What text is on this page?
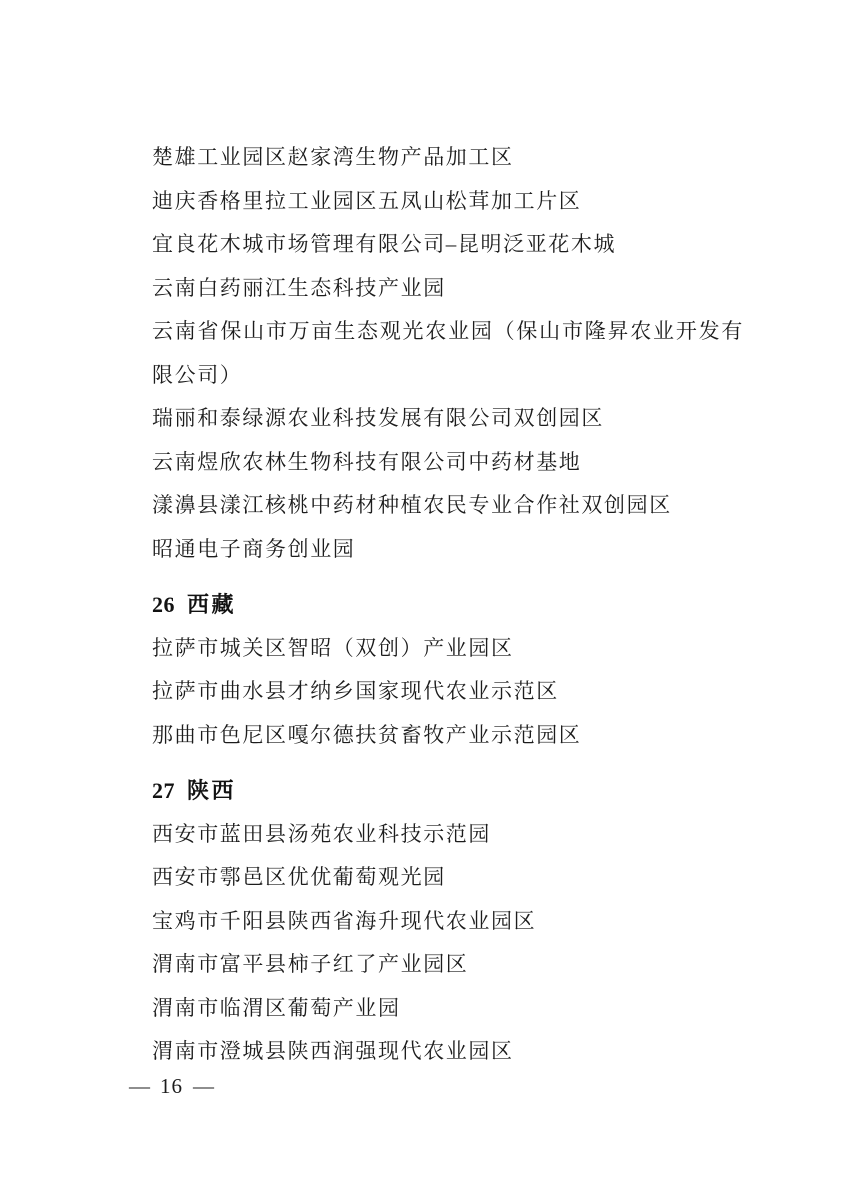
楚雄工业园区赵家湾生物产品加工区

迪庆香格里拉工业园区五凤山松茸加工片区

宜良花木城市场管理有限公司–昆明泛亚花木城

云南白药丽江生态科技产业园

云南省保山市万亩生态观光农业园（保山市隆昇农业开发有限公司）

瑞丽和泰绿源农业科技发展有限公司双创园区

云南煜欣农林生物科技有限公司中药材基地

漾濞县漾江核桃中药材种植农民专业合作社双创园区

昭通电子商务创业园

26 西藏

拉萨市城关区智昭（双创）产业园区

拉萨市曲水县才纳乡国家现代农业示范区

那曲市色尼区嘎尔德扶贫畜牧产业示范园区

27 陕西

西安市蓝田县汤苑农业科技示范园

西安市鄠邑区优优葡萄观光园

宝鸡市千阳县陕西省海升现代农业园区

渭南市富平县柿子红了产业园区

渭南市临渭区葡萄产业园

渭南市澄城县陕西润强现代农业园区

— 16 —
